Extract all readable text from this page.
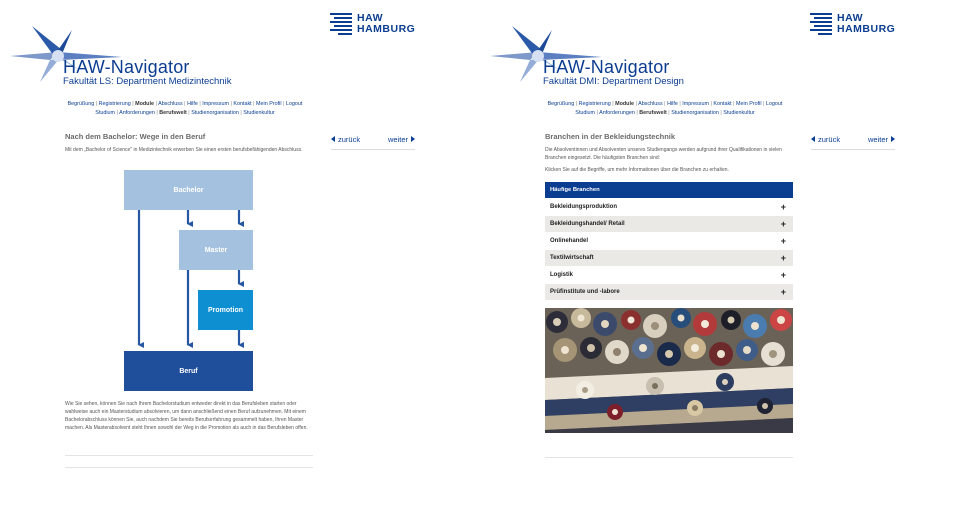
HAW-Navigator
Fakultät LS: Department Medizintechnik
HAW
HAMBURG
Begrüßung | Registrierung | Module | Abschluss | Hilfe | Impressum | Kontakt | Mein Profil | Logout
Studium | Anforderungen | Berufswelt | Studienorganisation | Studienkultur
zurück	weiter
Nach dem Bachelor: Wege in den Beruf
Mit dem „Bachelor of Science" in Medizintechnik erwerben Sie einen ersten berufsbefähigenden Abschluss.
Bachelor
Master
Promotion
Beruf
Wie Sie sehen, können Sie nach Ihrem Bachelorstudium entweder direkt in das Berufsleben starten oder wahlweise auch ein Masterstudium absolvieren, um dann anschließend einen Beruf aufzunehmen. Mit einem Bachelorabschluss können Sie, auch nachdem Sie bereits Berufserfahrung gesammelt haben, Ihren Master machen. Als Masterabsolvent steht Ihnen sowohl der Weg in die Promotion als auch in das Berufsleben offen.
HAW-Navigator
Fakultät DMI: Department Design
HAW
HAMBURG
Begrüßung | Registrierung | Module | Abschluss | Hilfe | Impressum | Kontakt | Mein Profil | Logout
Studium | Anforderungen | Berufswelt | Studienorganisation | Studienkultur
zurück	weiter
Branchen in der Bekleidungstechnik
Die Absolventinnen und Absolventen unseres Studiengangs werden aufgrund ihrer Qualifikationen in vielen Branchen eingesetzt. Die häufigsten Branchen sind:
Klicken Sie auf die Begriffe, um mehr Informationen über die Branchen zu erhalten.
Häufige Branchen
Bekleidungsproduktion	+
Bekleidungshandel/ Retail	+
Onlinehandel	+
Textilwirtschaft	+
Logistik	+
Prüfinstitute und -labore	+
